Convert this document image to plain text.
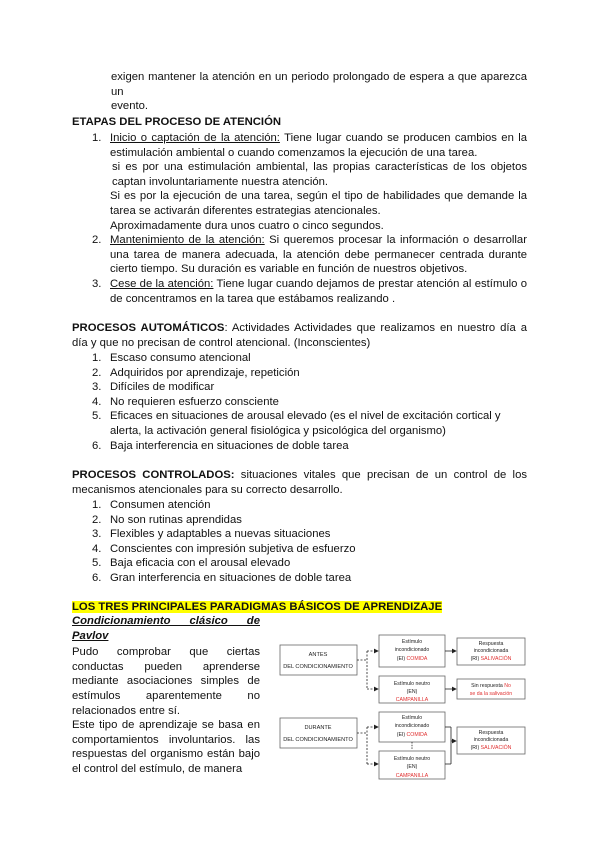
exigen mantener la atención en un periodo prolongado de espera a que aparezca un
evento.
ETAPAS DEL PROCESO DE ATENCIÓN
1. Inicio o captación de la atención: Tiene lugar cuando se producen cambios en la estimulación ambiental o cuando comenzamos la ejecución de una tarea.
si es por una estimulación ambiental, las propias características de los objetos captan involuntariamente nuestra atención.
Si es por la ejecución de una tarea, según el tipo de habilidades que demande la tarea se activarán diferentes estrategias atencionales.
Aproximadamente dura unos cuatro o cinco segundos.
2. Mantenimiento de la atención: Si queremos procesar la información o desarrollar una tarea de manera adecuada, la atención debe permanecer centrada durante cierto tiempo. Su duración es variable en función de nuestros objetivos.
3. Cese de la atención: Tiene lugar cuando dejamos de prestar atención al estímulo o de concentramos en la tarea que estábamos realizando .
PROCESOS AUTOMÁTICOS: Actividades Actividades que realizamos en nuestro día a día y que no precisan de control atencional. (Inconscientes)
1. Escaso consumo atencional
2. Adquiridos por aprendizaje, repetición
3. Difíciles de modificar
4. No requieren esfuerzo consciente
5. Eficaces en situaciones de arousal elevado (es el nivel de excitación cortical y alerta, la activación general fisiológica y psicológica del organismo)
6. Baja interferencia en situaciones de doble tarea
PROCESOS CONTROLADOS: situaciones vitales que precisan de un control de los mecanismos atencionales para su correcto desarrollo.
1. Consumen atención
2. No son rutinas aprendidas
3. Flexibles y adaptables a nuevas situaciones
4. Conscientes con impresión subjetiva de esfuerzo
5. Baja eficacia con el arousal elevado
6. Gran interferencia en situaciones de doble tarea
LOS TRES PRINCIPALES PARADIGMAS BÁSICOS DE APRENDIZAJE
Condicionamiento clásico de
Pavlov
Pudo comprobar que ciertas conductas pueden aprenderse mediante asociaciones simples de estímulos aparentemente no relacionados entre sí.
Este tipo de aprendizaje se basa en comportamientos involuntarios. las respuestas del organismo están bajo el control del estímulo, de manera
ANTES
DEL CONDICIONAMIENTO
Estímulo
incondicionado
(EI) COMIDA
Respuesta
incondicionada
(RI) SALIVACIÓN
Estímulo neutro
(EN)
CAMPANILLA
Sin respuesta No
se da la salivación
DURANTE
DEL CONDICIONAMIENTO
Estímulo
incondicionado
(EI) COMIDA	Respuesta
incondicionada
(RI) SALIVACIÓN
Estímulo neutro
(EN)
CAMPANILLA
